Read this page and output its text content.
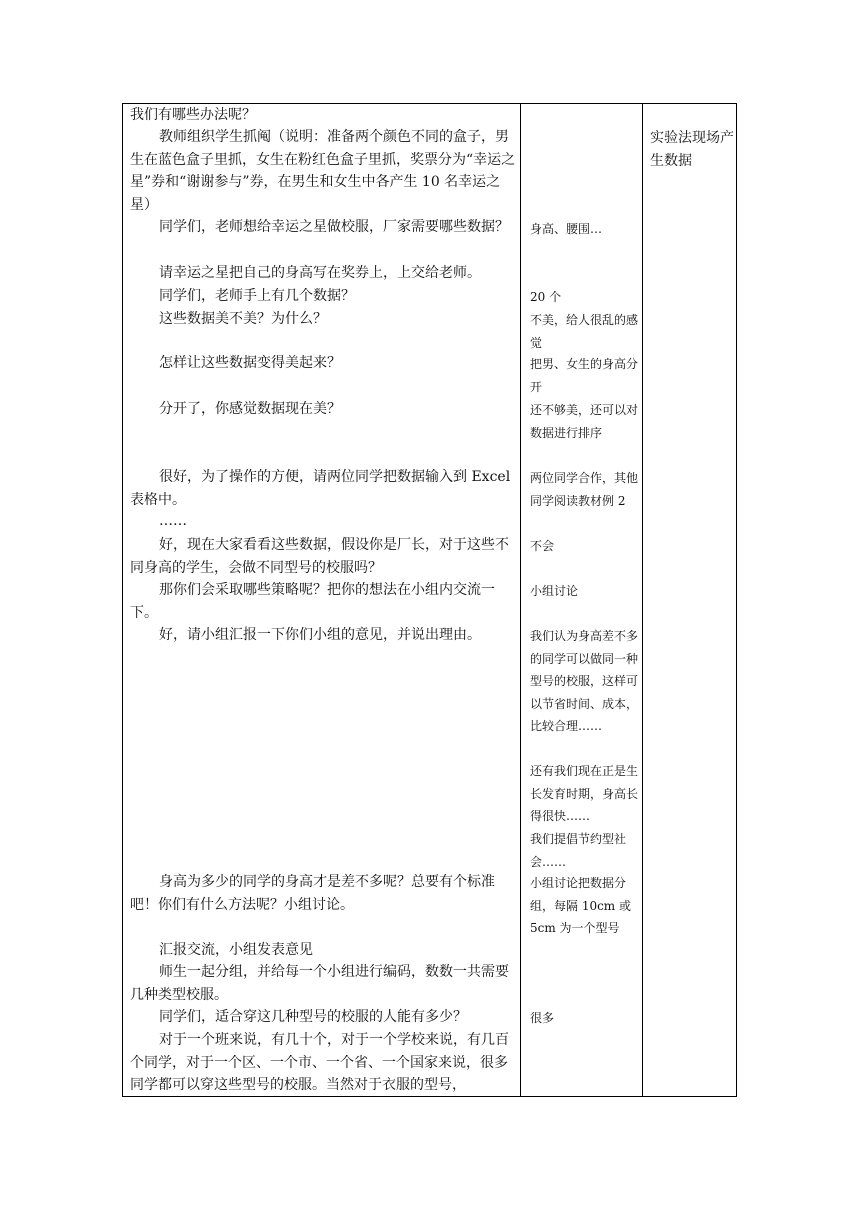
我们有哪些办法呢？

教师组织学生抓阄（说明：准备两个颜色不同的盒子，男生在蓝色盒子里抓，女生在粉红色盒子里抓，奖票分为“幸运之星”券和“谢谢参与”券，在男生和女生中各产生 10 名幸运之星）

同学们，老师想给幸运之星做校服，厂家需要哪些数据？

请幸运之星把自己的身高写在奖券上，上交给老师。

同学们，老师手上有几个数据？

这些数据美不美？为什么？

怎样让这些数据变得美起来？

分开了，你感觉数据现在美？

很好，为了操作的方便，请两位同学把数据输入到 Excel 表格中。

……

好，现在大家看看这些数据，假设你是厂长，对于这些不同身高的学生，会做不同型号的校服吗？

那你们会采取哪些策略呢？把你的想法在小组内交流一下。

好，请小组汇报一下你们小组的意见，并说出理由。

身高为多少的同学的身高才是差不多呢？总要有个标准吧！你们有什么方法呢？小组讨论。

汇报交流，小组发表意见

师生一起分组，并给每一个小组进行编码，数数一共需要几种类型校服。

同学们，适合穿这几种型号的校服的人能有多少？

对于一个班来说，有几十个，对于一个学校来说，有几百个同学，对于一个区、一个市、一个省、一个国家来说，很多同学都可以穿这些型号的校服。当然对于衣服的型号，

身高、腰围…

20 个

不美，给人很乱的感觉

把男、女生的身高分开

还不够美，还可以对数据进行排序

两位同学合作，其他同学阅读教材例 2

不会

小组讨论

我们认为身高差不多的同学可以做同一种型号的校服，这样可以节省时间、成本，比较合理……

还有我们现在正是生长发育时期，身高长得很快……

我们提倡节约型社会……

小组讨论把数据分组，每隔 10cm 或 5cm 为一个型号

很多

实验法现场产生数据
